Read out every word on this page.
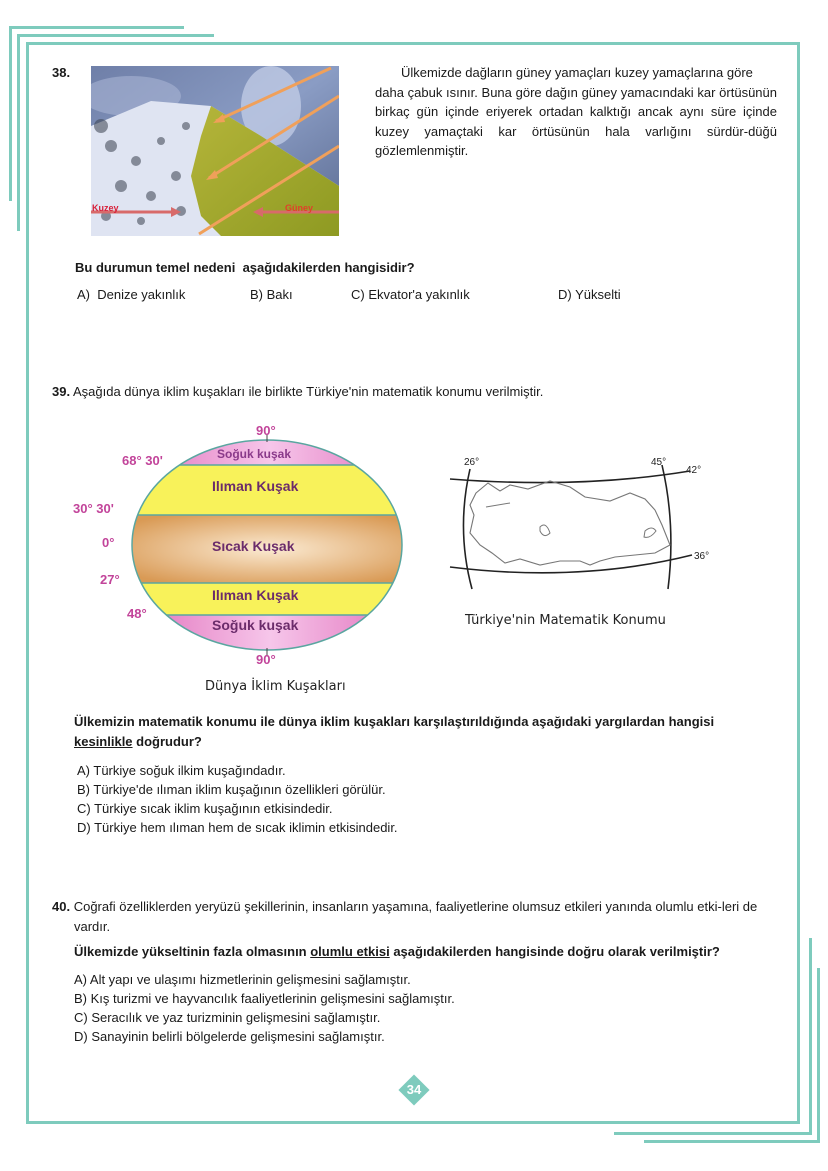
38.
Kuzey	Güney
Ülkemizde dağların güney yamaçları kuzey yamaçlarına göre
daha çabuk ısınır. Buna göre dağın güney yamacındaki kar örtüsünün birkaç gün içinde eriyerek ortadan kalktığı ancak aynı süre içinde kuzey yamaçtaki kar örtüsünün hala varlığını sürdür-düğü gözlemlenmiştir.
Bu durumun temel nedeni  aşağıdakilerden hangisidir?
A)  Denize yakınlık	B) Bakı	C) Ekvator'a yakınlık	D) Yükselti
39. Aşağıda dünya iklim kuşakları ile birlikte Türkiye'nin matematik konumu verilmiştir.
90°
Soğuk kuşak
Ilıman Kuşak
Sıcak Kuşak
Ilıman Kuşak
Soğuk kuşak
90°
68° 30'
30° 30'
0°
27°
48°
Dünya İklim Kuşakları
26°	45°
42°
36°
Türkiye'nin Matematik Konumu
Ülkemizin matematik konumu ile dünya iklim kuşakları karşılaştırıldığında aşağıdaki yargılardan hangisi
kesinlikle doğrudur?
A) Türkiye soğuk ilkim kuşağındadır.
B) Türkiye'de ılıman iklim kuşağının özellikleri görülür.
C) Türkiye sıcak iklim kuşağının etkisindedir.
D) Türkiye hem ılıman hem de sıcak iklimin etkisindedir.
40. Coğrafi özelliklerden yeryüzü şekillerinin, insanların yaşamına, faaliyetlerine olumsuz etkileri yanında olumlu etki-leri de vardır.
Ülkemizde yükseltinin fazla olmasının olumlu etkisi aşağıdakilerden hangisinde doğru olarak verilmiştir?
A) Alt yapı ve ulaşımı hizmetlerinin gelişmesini sağlamıştır.
B) Kış turizmi ve hayvancılık faaliyetlerinin gelişmesini sağlamıştır.
C) Seracılık ve yaz turizminin gelişmesini sağlamıştır.
D) Sanayinin belirli bölgelerde gelişmesini sağlamıştır.
34
